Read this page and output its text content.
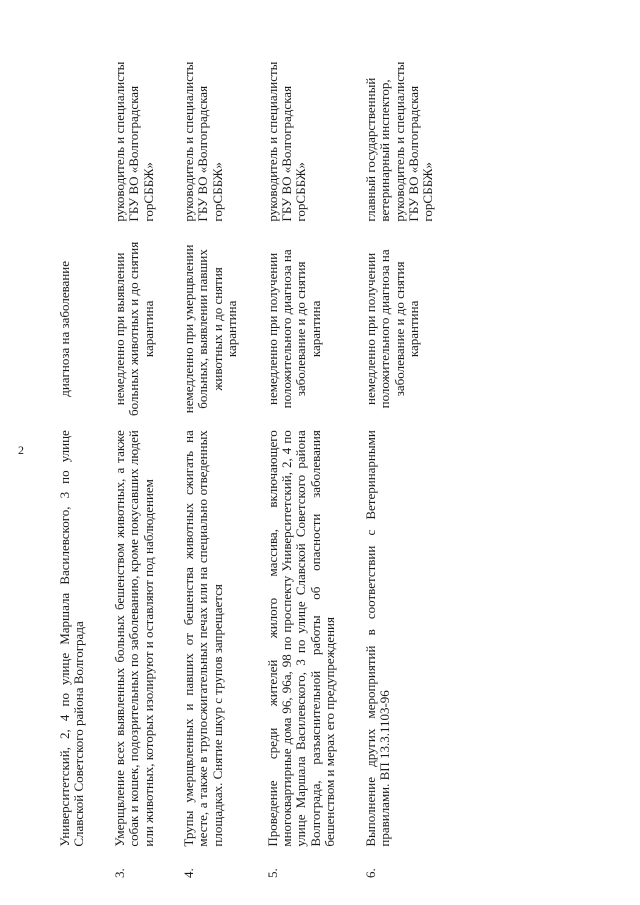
2
		Университетский, 2, 4 по улице Маршала Василевского, 3 по улице Славской Советского района Волгограда	диагноза на заболевание	

3.	Умерщвление всех выявленных больных бешенством животных, а также собак и кошек, подозрительных по заболеванию, кроме покусавших людей или животных, которых изолируют и оставляют под наблюдением	немедленно при выявлении больных животных и до снятия карантина	руководитель и специалисты ГБУ ВО «Волгоградская горСББЖ»

4.	Трупы умерщвленных и павших от бешенства животных сжигать на месте, а также в трупосжигательных печах или на специально отведенных площадках. Снятие шкур с трупов запрещается	немедленно при умерщвлении больных, выявлении павших животных и до снятия карантина	руководитель и специалисты ГБУ ВО «Волгоградская горСББЖ»

5.	Проведение среди жителей жилого массива, включающего многоквартирные дома 96, 96а, 98 по проспекту Университетский, 2, 4 по улице Маршала Василевского, 3 по улице Славской Советского района Волгограда, разъяснительной работы об опасности заболевания бешенством и мерах его предупреждения	немедленно при получении положительного диагноза на заболевание и до снятия карантина	руководитель и специалисты ГБУ ВО «Волгоградская горСББЖ»

6.	Выполнение других мероприятий в соответствии с Ветеринарными правилами. ВП 13.3.1103-96	немедленно при получении положительного диагноза на заболевание и до снятия карантина	главный государственный ветеринарный инспектор, руководитель и специалисты ГБУ ВО «Волгоградская горСББЖ»
